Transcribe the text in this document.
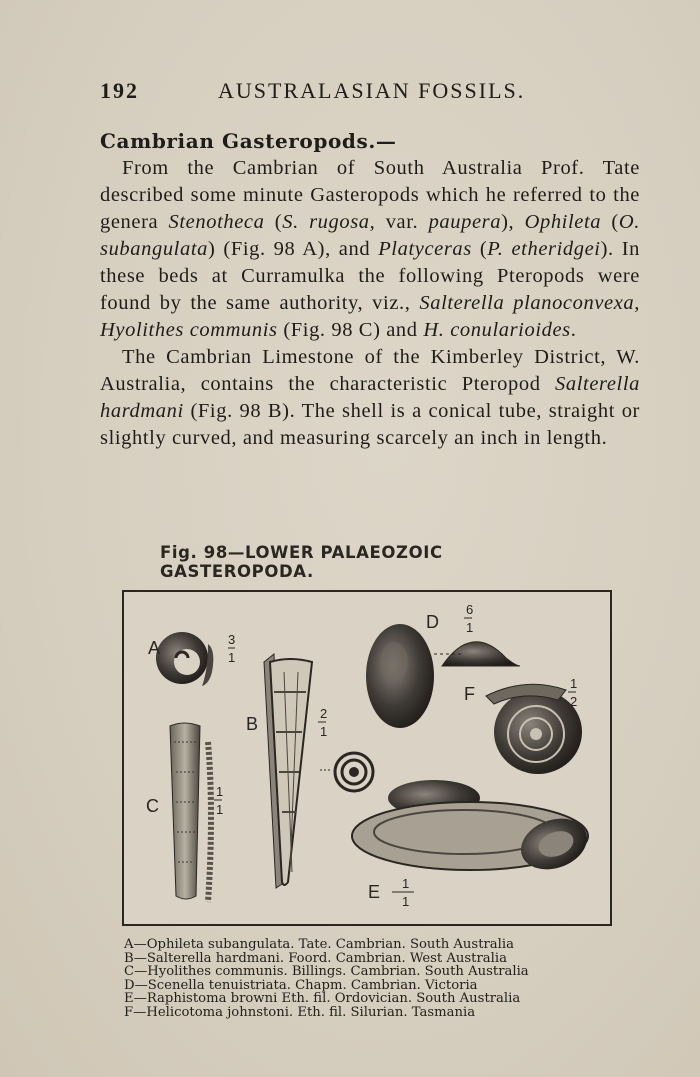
192	AUSTRALASIAN FOSSILS.

Cambrian Gasteropods.—

From the Cambrian of South Australia Prof. Tate described some minute Gasteropods which he referred to the genera Stenotheca (S. rugosa, var. paupera), Ophileta (O. subangulata) (Fig. 98 A), and Platyceras (P. etheridgei). In these beds at Curramulka the following Pteropods were found by the same authority, viz., Salterella planoconvexa, Hyolithes communis (Fig. 98 C) and H. conularioides.

The Cambrian Limestone of the Kimberley District, W. Australia, contains the characteristic Pteropod Salterella hardmani (Fig. 98 B). The shell is a conical tube, straight or slightly curved, and measuring scarcely an inch in length.

Fig. 98—LOWER PALAEOZOIC GASTEROPODA.
A	3
1
C
1
1
B
2
1
D
6
1
F
1
2
E 1
1
A—Ophileta subangulata. Tate. Cambrian. South Australia
B—Salterella hardmani. Foord. Cambrian. West Australia
C—Hyolithes communis. Billings. Cambrian. South Australia
D—Scenella tenuistriata. Chapm. Cambrian. Victoria
E—Raphistoma browni Eth. fil. Ordovician. South Australia
F—Helicotoma johnstoni. Eth. fil. Silurian. Tasmania
